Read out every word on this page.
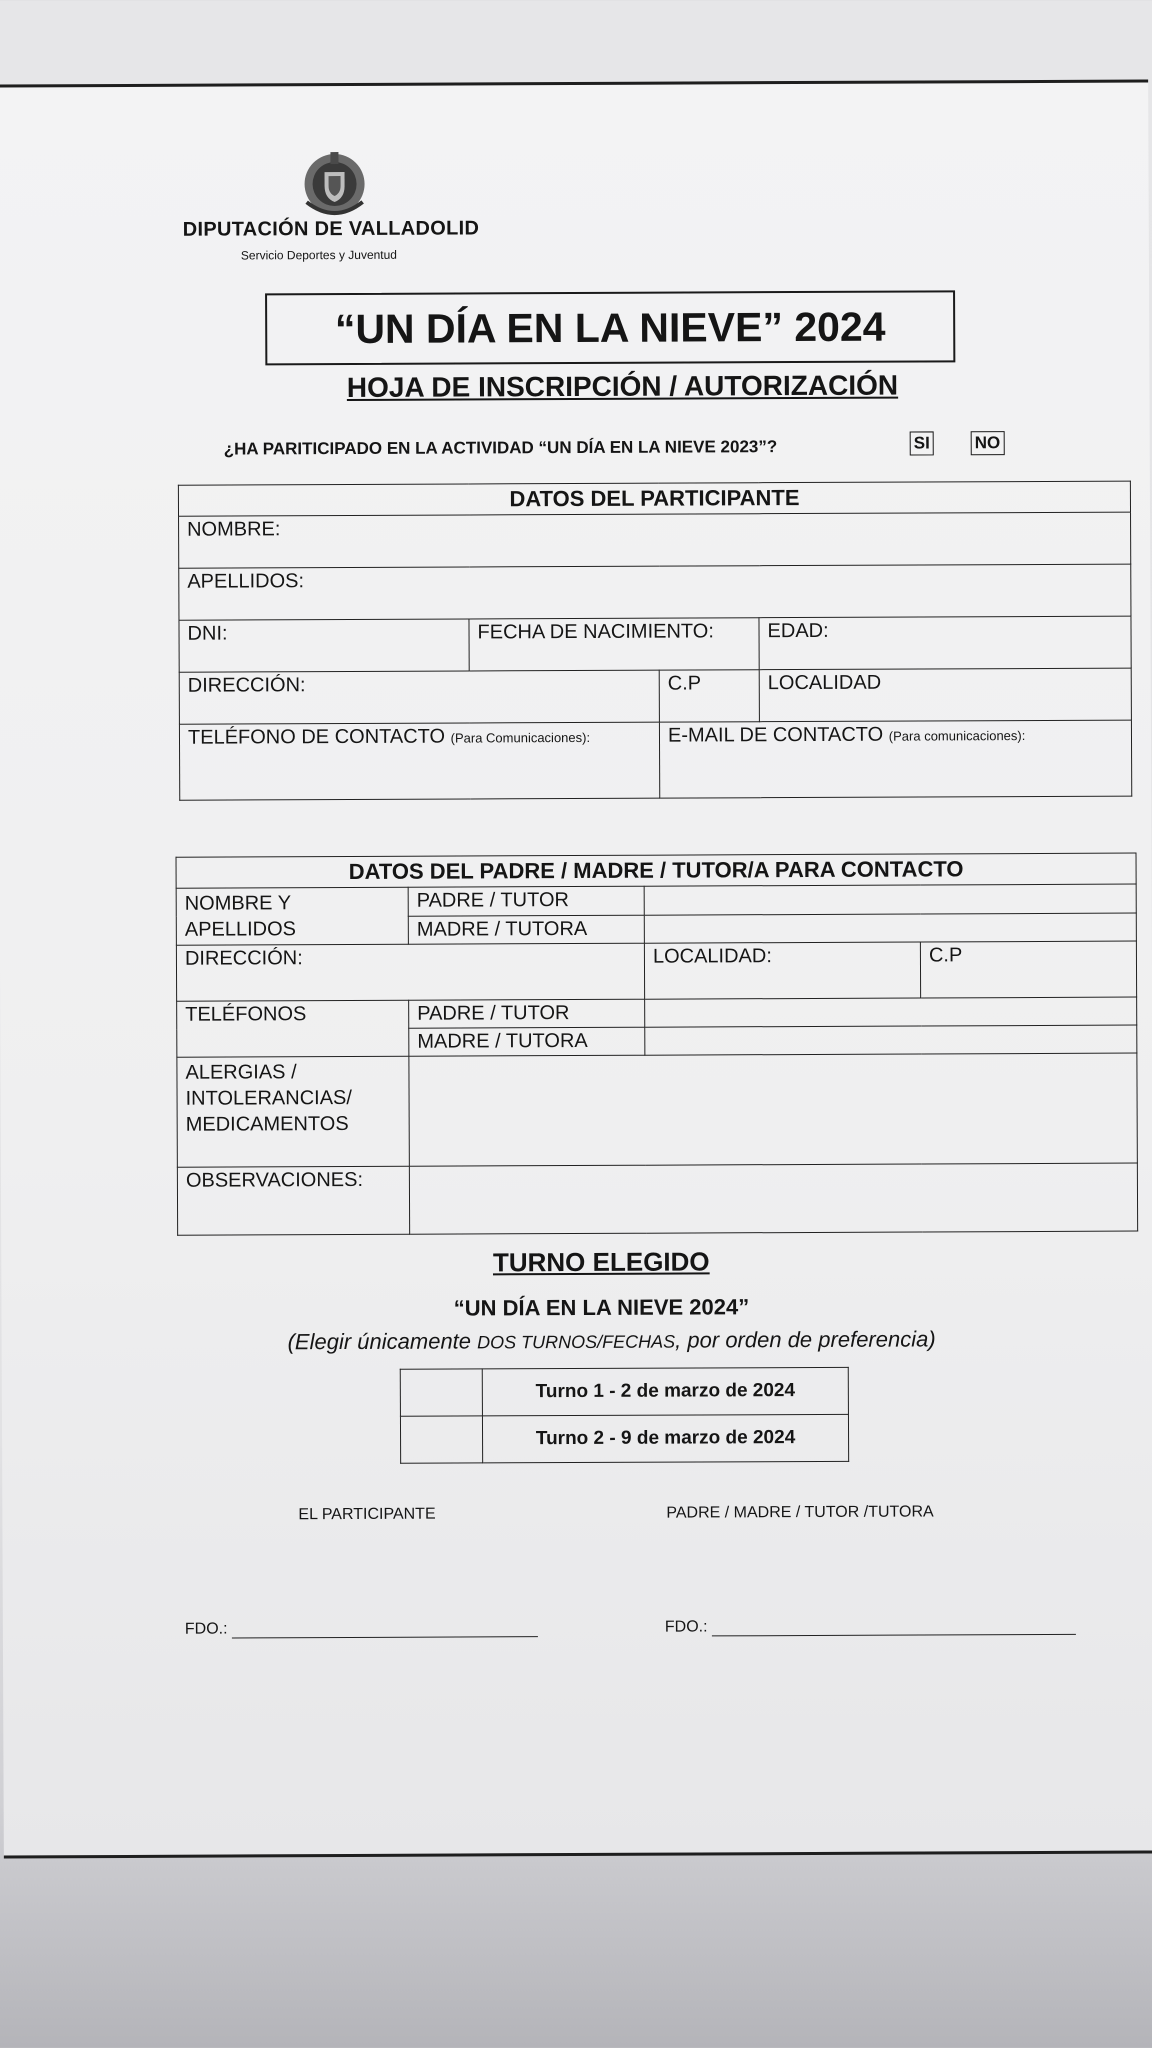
DIPUTACIÓN DE VALLADOLID
Servicio Deportes y Juventud
“UN DÍA EN LA NIEVE” 2024
HOJA DE INSCRIPCIÓN / AUTORIZACIÓN
¿HA PARITICIPADO EN LA ACTIVIDAD “UN DÍA EN LA NIEVE 2023”?	SI	NO
DATOS DEL PARTICIPANTE			
NOMBRE:			
APELLIDOS:			
DNI:	FECHA DE NACIMIENTO:		EDAD:
DIRECCIÓN:		C.P	LOCALIDAD
TELÉFONO DE CONTACTO (Para Comunicaciones):		E-MAIL DE CONTACTO (Para comunicaciones):	
DATOS DEL PADRE / MADRE / TUTOR/A PARA CONTACTO			
NOMBRE Y APELLIDOS	PADRE / TUTOR		
	MADRE / TUTORA		
DIRECCIÓN:		LOCALIDAD:	C.P
TELÉFONOS	PADRE / TUTOR		
	MADRE / TUTORA		
ALERGIAS / INTOLERANCIAS/ MEDICAMENTOS			
OBSERVACIONES:			
TURNO ELEGIDO
“UN DÍA EN LA NIEVE 2024”
(Elegir únicamente DOS TURNOS/FECHAS, por orden de preferencia)
	Turno 1 - 2 de marzo de 2024
	Turno 2 - 9 de marzo de 2024
EL PARTICIPANTE	PADRE / MADRE / TUTOR /TUTORA
FDO.:	FDO.:
